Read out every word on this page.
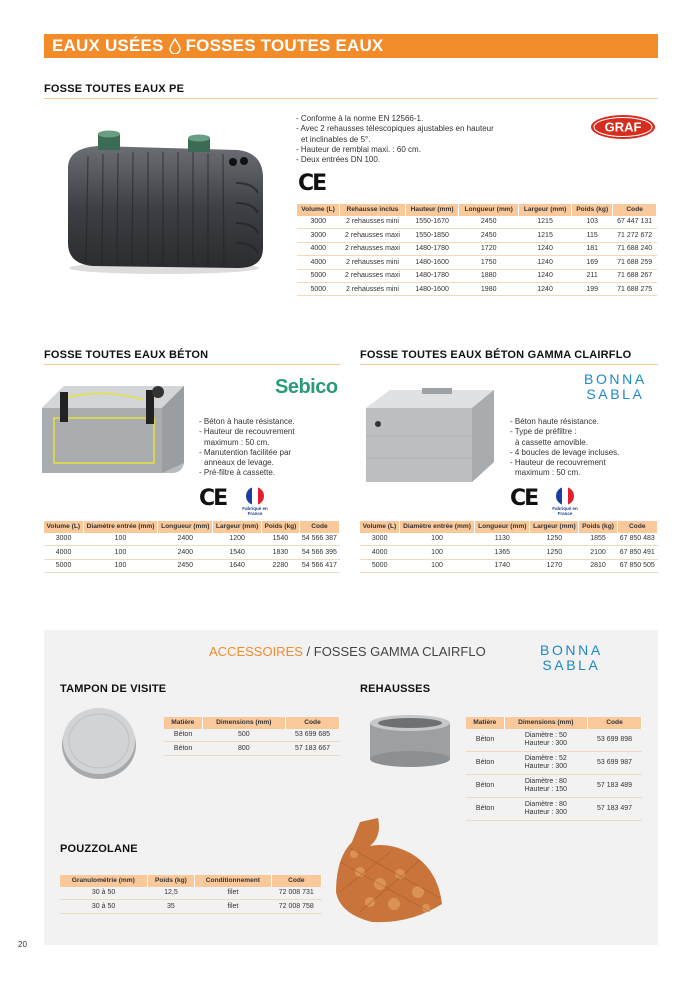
EAUX USÉES FOSSES TOUTES EAUX
FOSSE TOUTES EAUX PE
- Conforme à la norme EN 12566-1.
- Avec 2 rehausses télescopiques ajustables en hauteur
et inclinables de 5°.
- Hauteur de remblai maxi. : 60 cm.
- Deux entrées DN 100.
GRAF
CE
Volume (L)	Rehausse inclus	Hauteur (mm)	Longueur (mm)	Largeur (mm)	Poids (kg)	Code
3000	2 rehausses mini	1550-1670	2450	1215	103	67 447 131
3000	2 rehausses maxi	1550-1850	2450	1215	115	71 272 672
4000	2 rehausses maxi	1480-1780	1720	1240	181	71 688 240
4000	2 rehausses mini	1480-1600	1750	1240	169	71 688 259
5000	2 rehausses maxi	1480-1780	1880	1240	211	71 688 267
5000	2 rehausses mini	1480-1600	1980	1240	199	71 688 275
FOSSE TOUTES EAUX BÉTON
Sebico
- Béton à haute résistance.
- Hauteur de recouvrement
maximum : 50 cm.
- Manutention facilitée par
anneaux de levage.
- Pré-filtre à cassette.
CE	Fabriqué en
France
Volume (L)	Diamètre entrée (mm)	Longueur (mm)	Largeur (mm)	Poids (kg)	Code
3000	100	2400	1200	1540	54 566 387
4000	100	2400	1540	1830	54 566 395
5000	100	2450	1640	2280	54 566 417
FOSSE TOUTES EAUX BÉTON GAMMA CLAIRFLO
BONNA
SABLA
- Béton haute résistance.
- Type de préfiltre :
à cassette amovible.
- 4 boucles de levage incluses.
- Hauteur de recouvrement
maximum : 50 cm.
CE	Fabriqué en
France
Volume (L)	Diamètre entrée (mm)	Longueur (mm)	Largeur (mm)	Poids (kg)	Code
3000	100	1130	1250	1855	67 850 483
4000	100	1365	1250	2100	67 850 491
5000	100	1740	1270	2810	67 850 505
ACCESSOIRES / FOSSES GAMMA CLAIRFLO	BONNA
SABLA
TAMPON DE VISITE
Matière	Dimensions (mm)	Code
Béton	500	53 699 685
Béton	800	57 183 667
REHAUSSES
Matière	Dimensions (mm)	Code

Béton	Diamètre : 50
Hauteur : 300	53 699 898

Béton	Diamètre : 52
Hauteur : 300	53 699 987

Béton	Diamètre : 80
Hauteur : 150	57 183 489

Béton	Diamètre : 80
Hauteur : 300	57 183 497
POUZZOLANE
Granulométrie (mm)	Poids (kg)	Conditionnement	Code
30 à 50	12,5	filet	72 008 731
30 à 50	35	filet	72 008 758
20
